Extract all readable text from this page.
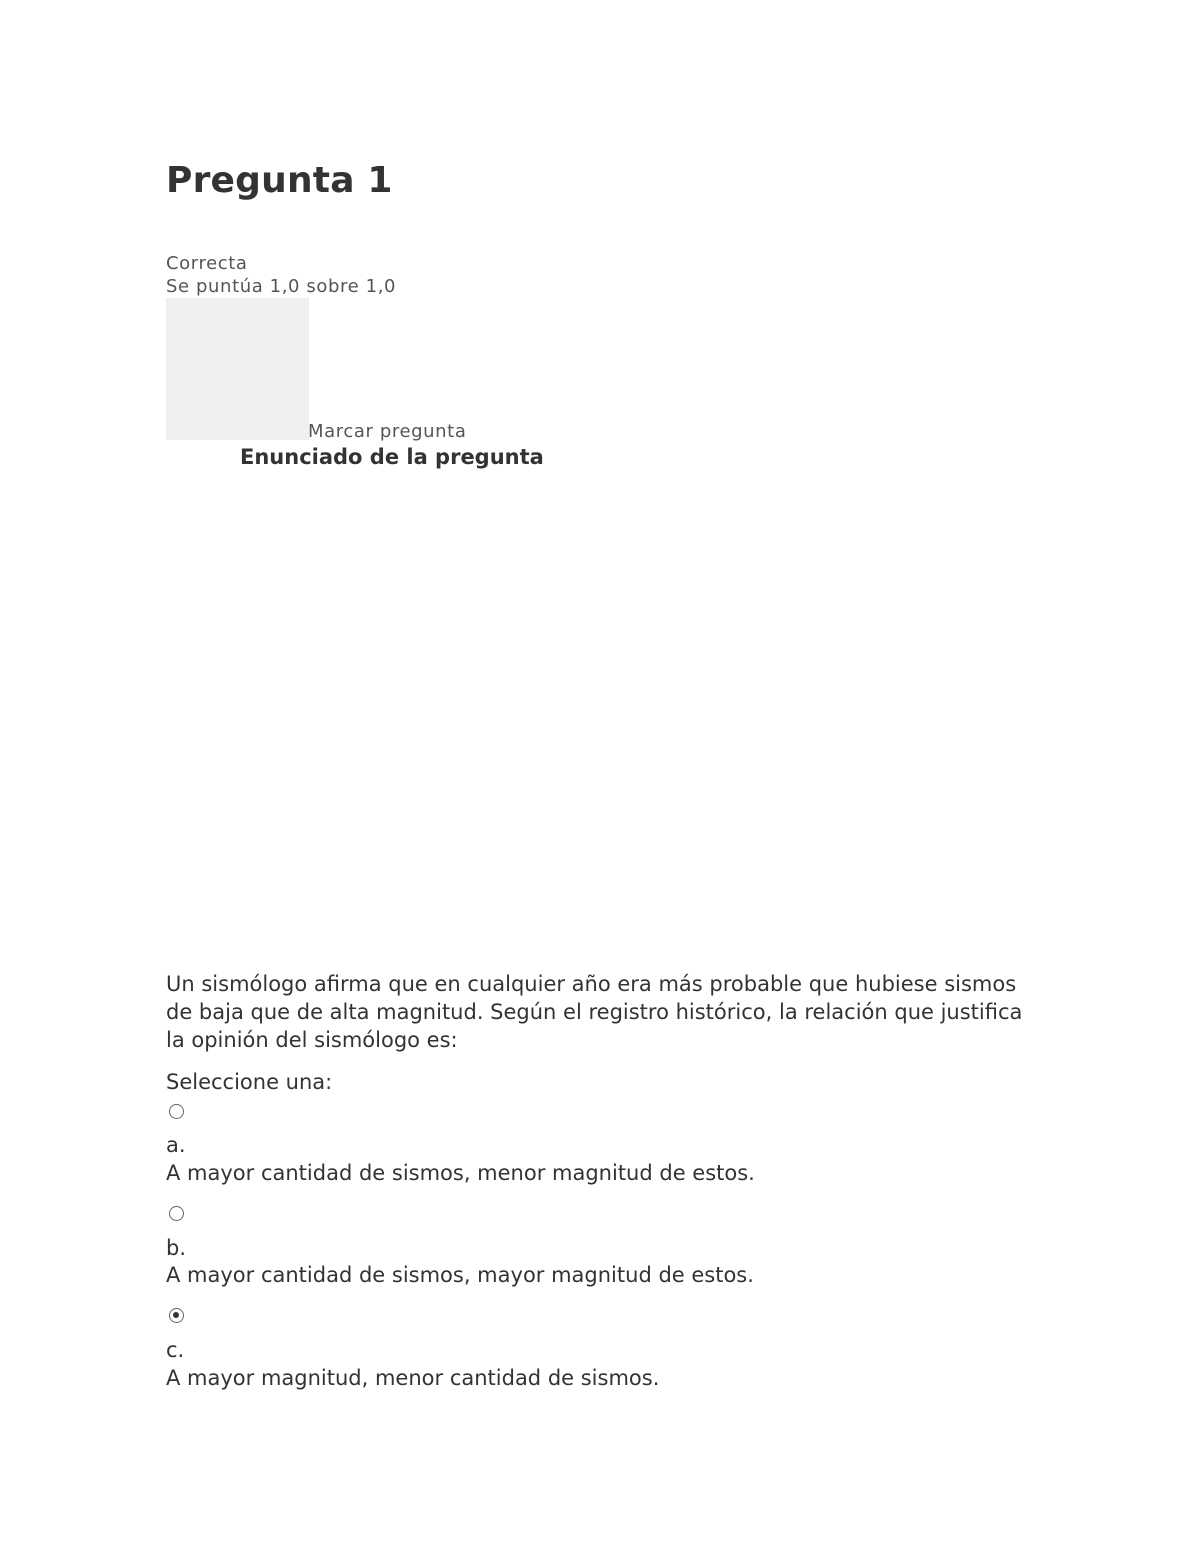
Pregunta 1
Correcta
Se puntúa 1,0 sobre 1,0
Marcar pregunta
Enunciado de la pregunta

Un sismólogo afirma que en cualquier año era más probable que hubiese sismos de baja que de alta magnitud. Según el registro histórico, la relación que justifica la opinión del sismólogo es:

Seleccione una:
a.
A mayor cantidad de sismos, menor magnitud de estos.
b.
A mayor cantidad de sismos, mayor magnitud de estos.
c.
A mayor magnitud, menor cantidad de sismos.
